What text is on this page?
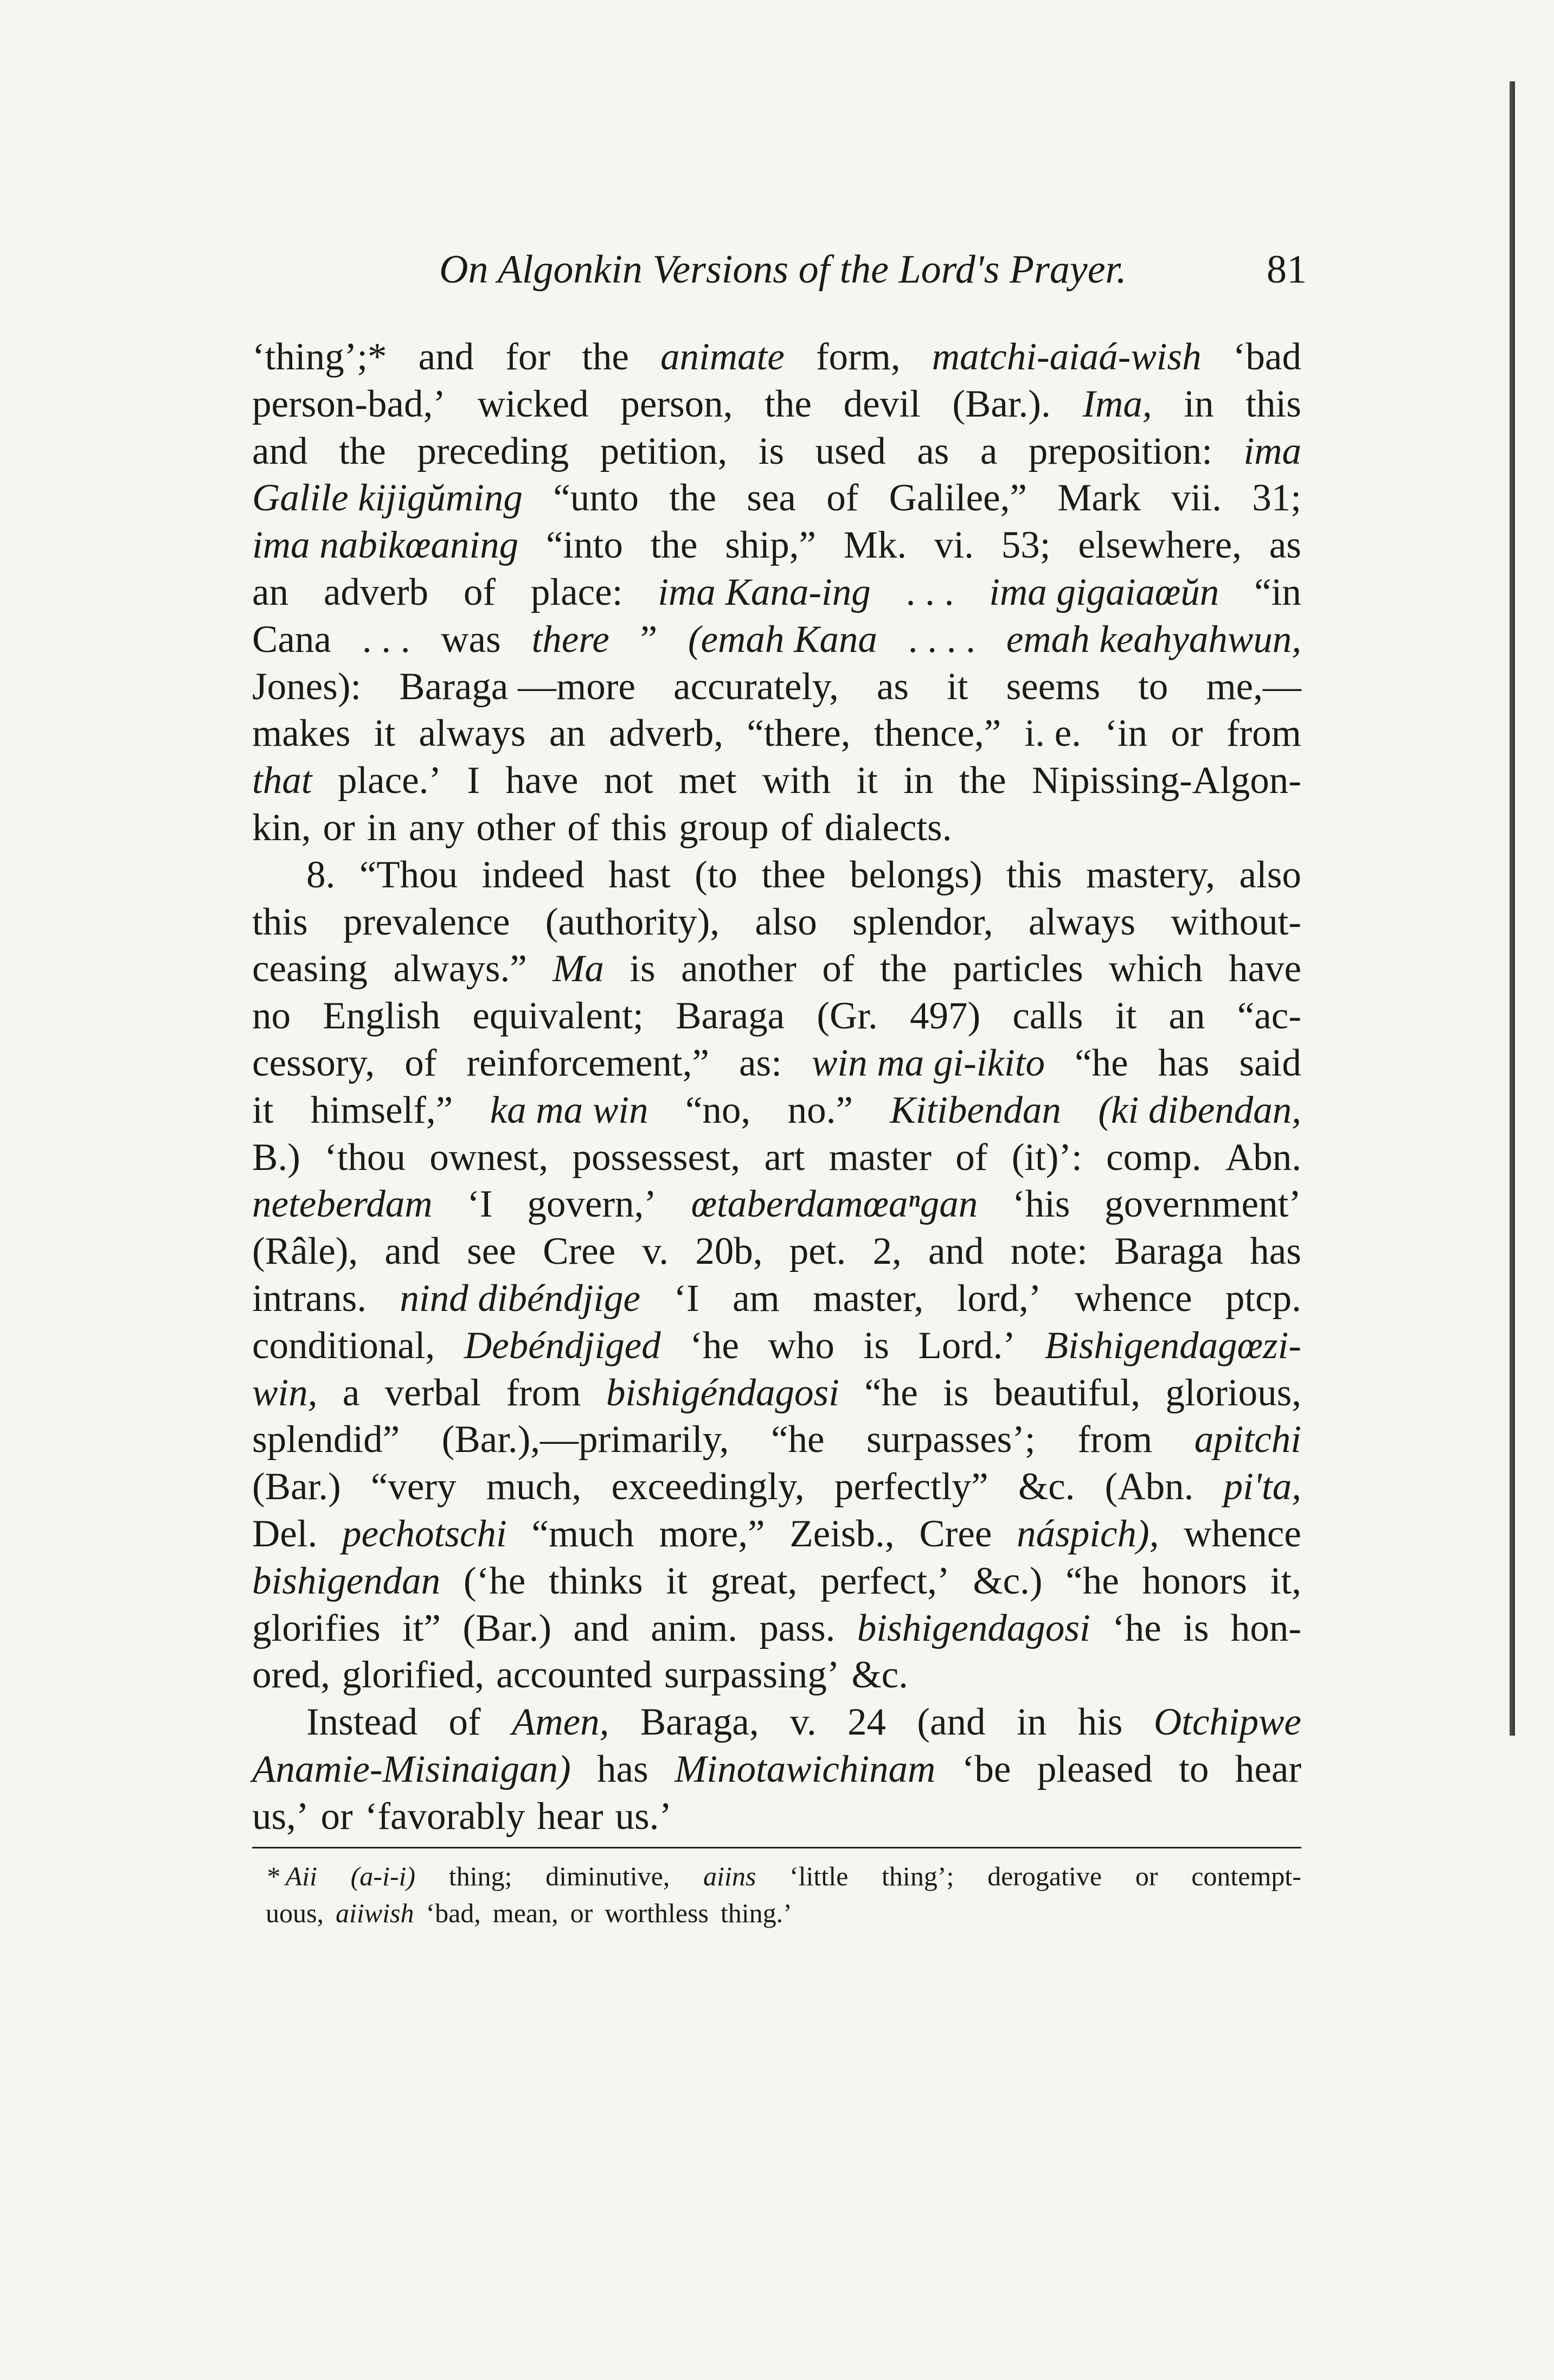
On Algonkin Versions of the Lord's Prayer.	81
‘thing’;* and for the animate form, matchi-aiaá-wish ‘bad
person-bad,’ wicked person, the devil (Bar.). Ima, in this
and the preceding petition, is used as a preposition: ima
Galile kijigŭming “unto the sea of Galilee,” Mark vii. 31;
ima nabikœaning “into the ship,” Mk. vi. 53; elsewhere, as
an adverb of place: ima Kana-ing . . . ima gigaiaœŭn “in
Cana . . . was there ” (emah Kana . . . . emah keahyahwun,
Jones): Baraga —more accurately, as it seems to me,—
makes it always an adverb, “there, thence,” i. e. ‘in or from
that place.’ I have not met with it in the Nipissing-Algon-
kin, or in any other of this group of dialects.
8. “Thou indeed hast (to thee belongs) this mastery, also
this prevalence (authority), also splendor, always without-
ceasing always.” Ma is another of the particles which have
no English equivalent; Baraga (Gr. 497) calls it an “ac-
cessory, of reinforcement,” as: win ma gi-ikito “he has said
it himself,” ka ma win “no, no.” Kitibendan (ki dibendan,
B.) ‘thou ownest, possessest, art master of (it)’: comp. Abn.
neteberdam ‘I govern,’ œtaberdamœaⁿgan ‘his government’
(Râle), and see Cree v. 20b, pet. 2, and note: Baraga has
intrans. nind dibéndjige ‘I am master, lord,’ whence ptcp.
conditional, Debéndjiged ‘he who is Lord.’ Bishigendagœzi-
win, a verbal from bishigéndagosi “he is beautiful, glorious,
splendid” (Bar.),—primarily, “he surpasses’; from apitchi
(Bar.) “very much, exceedingly, perfectly” &c. (Abn. pi'ta,
Del. pechotschi “much more,” Zeisb., Cree náspich), whence
bishigendan (‘he thinks it great, perfect,’ &c.) “he honors it,
glorifies it” (Bar.) and anim. pass. bishigendagosi ‘he is hon-
ored, glorified, accounted surpassing’ &c.
Instead of Amen, Baraga, v. 24 (and in his Otchipwe
Anamie-Misinaigan) has Minotawichinam ‘be pleased to hear
us,’ or ‘favorably hear us.’
* Aii (a-i-i) thing; diminutive, aiins ‘little thing’; derogative or contempt-
uous, aiiwish ‘bad, mean, or worthless thing.’
